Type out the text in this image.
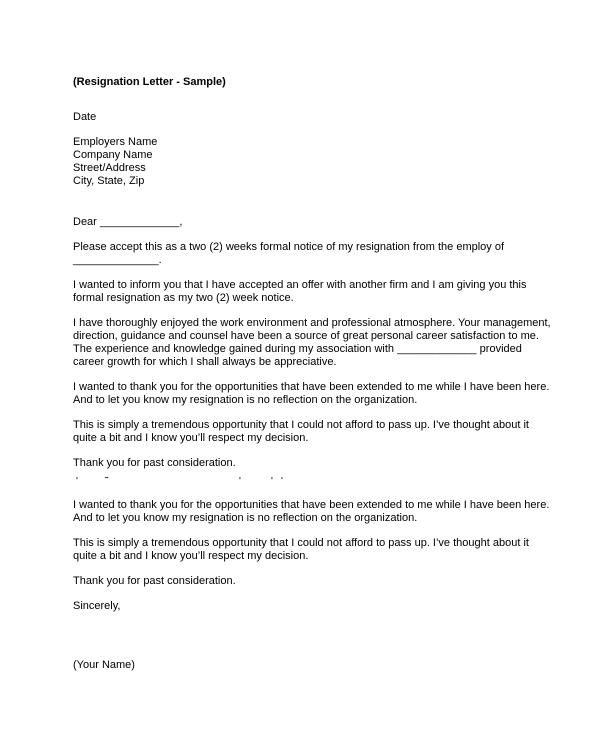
(Resignation Letter - Sample)
Date
Employers Name
Company Name
Street/Address
City, State, Zip
Dear _____________,
Please accept this as a two (2) weeks formal notice of my resignation from the employ of
______________.
I wanted to inform you that I have accepted an offer with another firm and I am giving you this
formal resignation as my two (2) week notice.
I have thoroughly enjoyed the work environment and professional atmosphere. Your management,
direction, guidance and counsel have been a source of great personal career satisfaction to me.
The experience and knowledge gained during my association with _____________ provided
career growth for which I shall always be appreciative.
I wanted to thank you for the opportunities that have been extended to me while I have been here.
And to let you know my resignation is no reflection on the organization.
This is simply a tremendous opportunity that I could not afford to pass up. I’ve thought about it
quite a bit and I know you’ll respect my decision.
Thank you for past consideration.
'	˜	'	' '
I wanted to thank you for the opportunities that have been extended to me while I have been here.
And to let you know my resignation is no reflection on the organization.
This is simply a tremendous opportunity that I could not afford to pass up. I’ve thought about it
quite a bit and I know you’ll respect my decision.
Thank you for past consideration.
Sincerely,
(Your Name)
